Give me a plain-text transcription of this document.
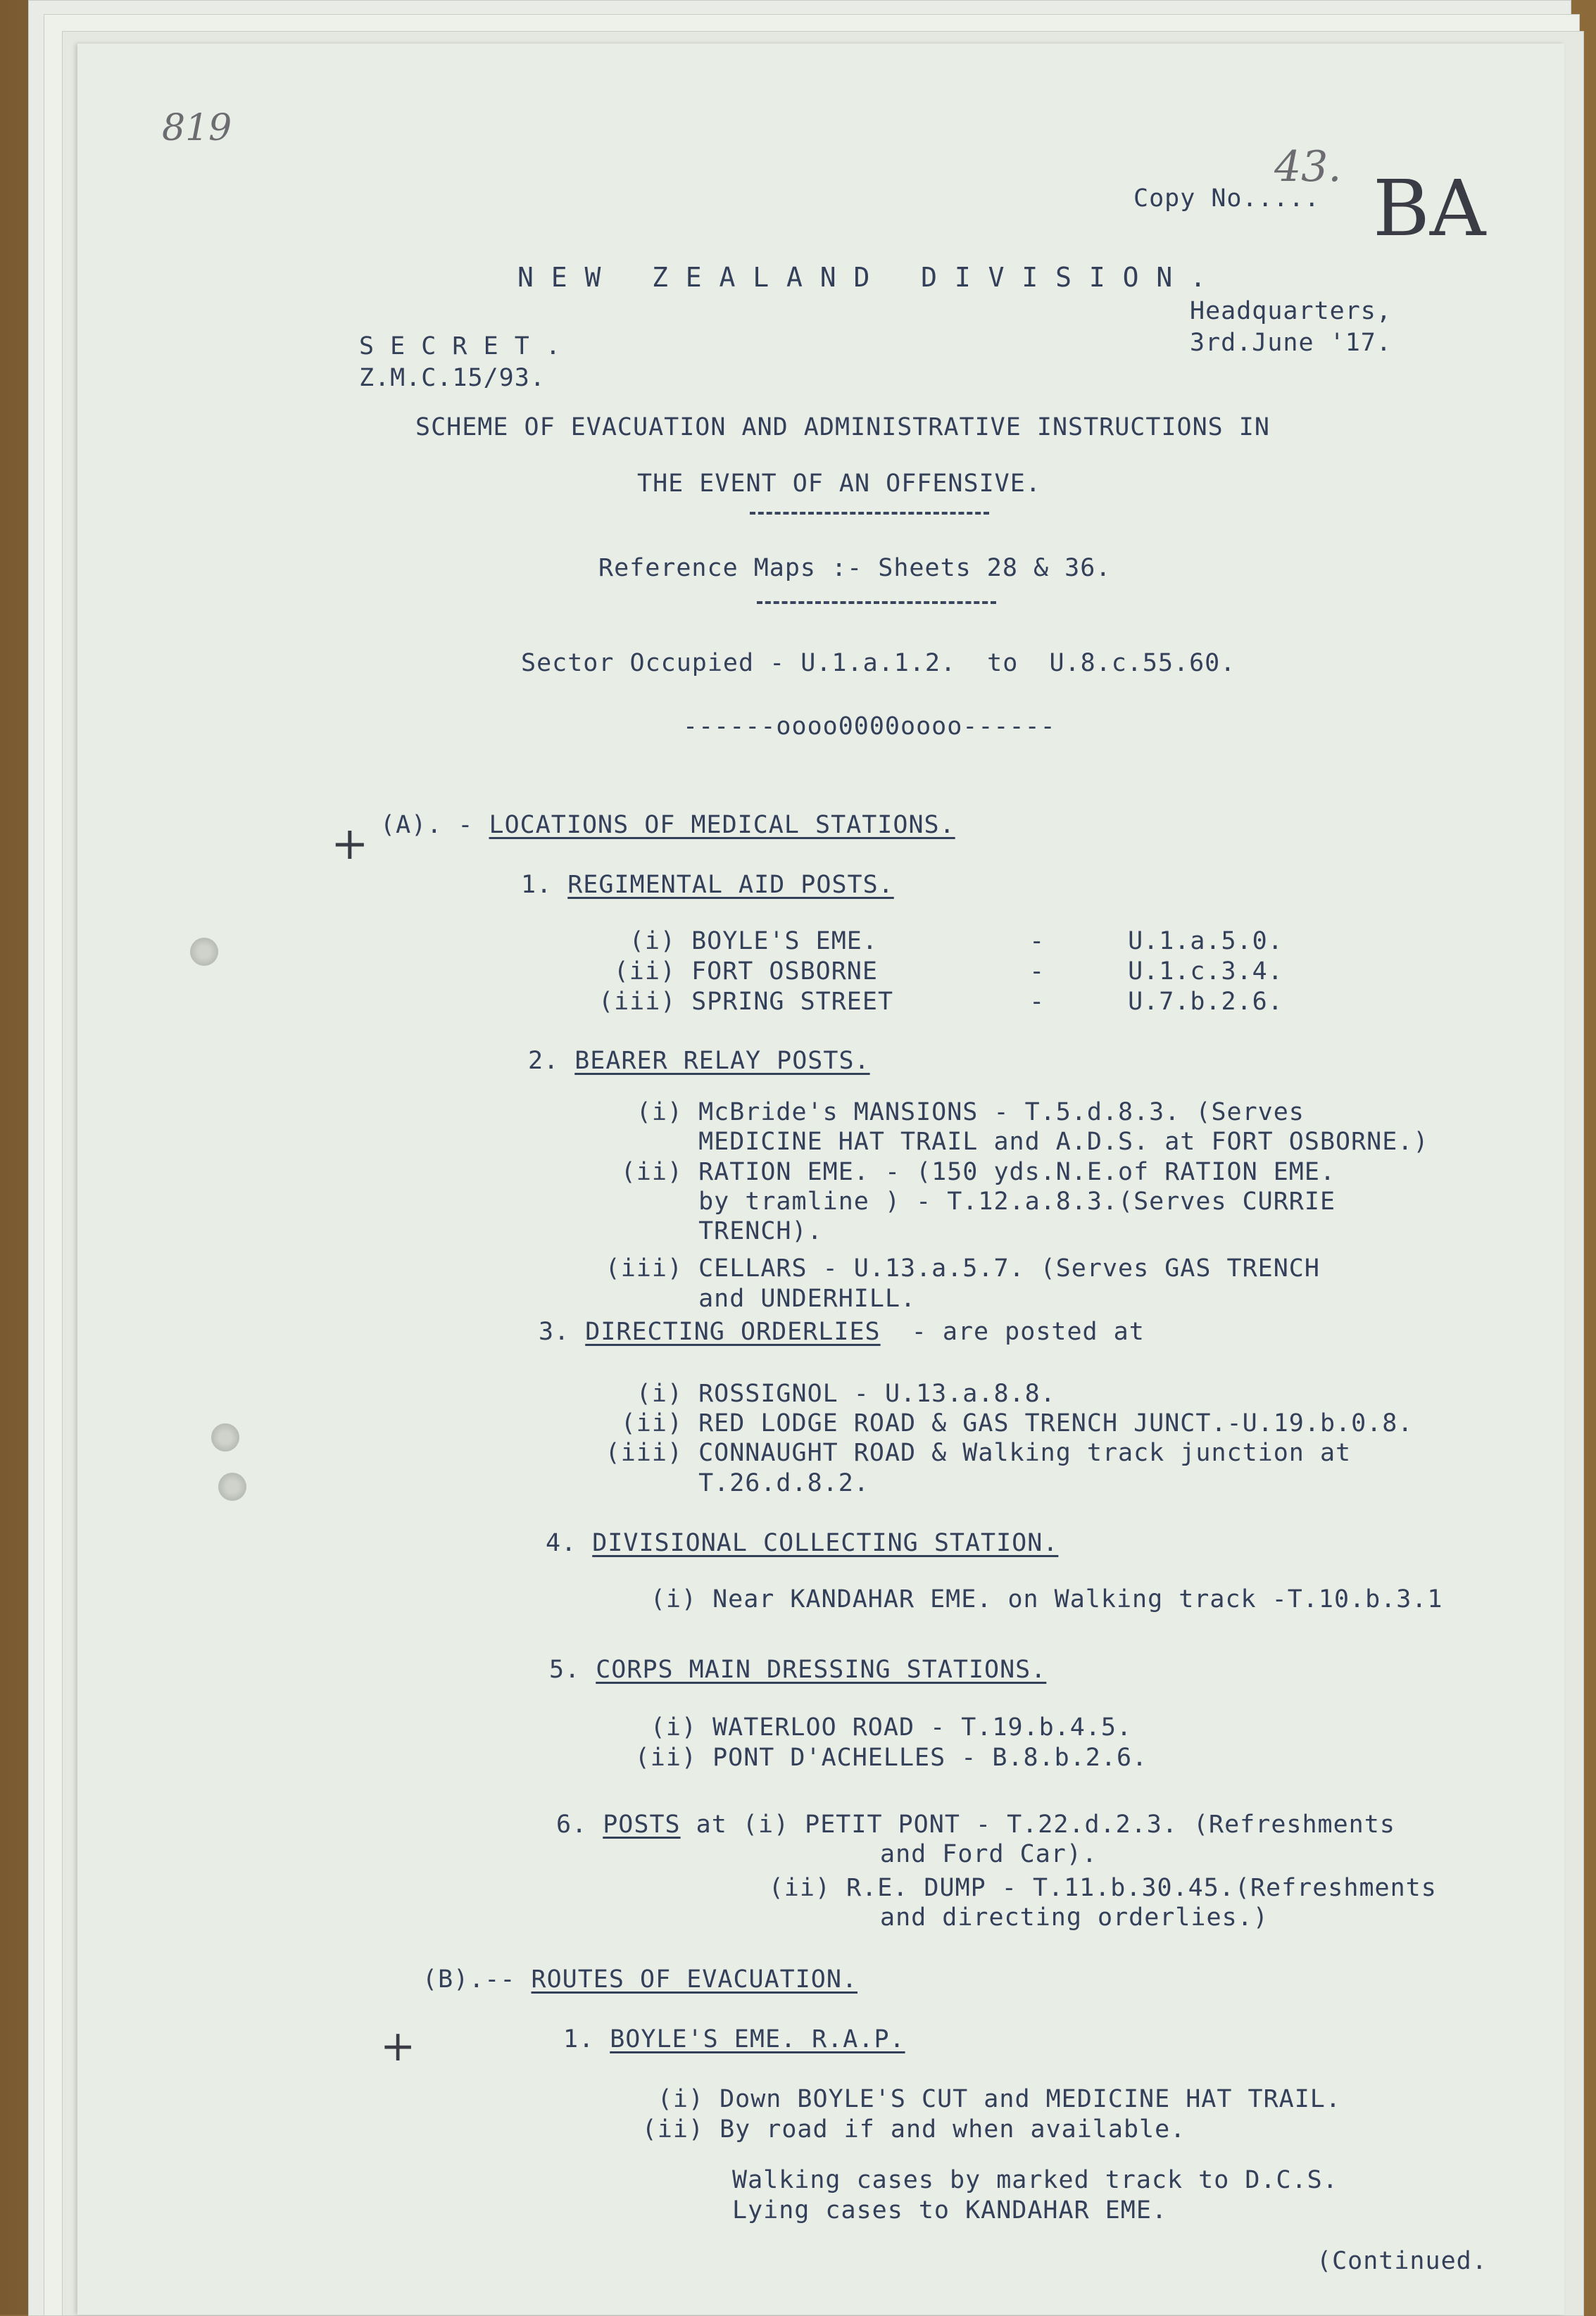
819
Copy No.....
43. BA
N E W   Z E A L A N D   D I V I S I O N .
S E C R E T .
Z.M.C.15/93.
Headquarters,
3rd.June '17.
SCHEME OF EVACUATION AND ADMINISTRATIVE INSTRUCTIONS IN
THE EVENT OF AN OFFENSIVE.
Reference Maps :- Sheets 28 & 36.
Sector Occupied - U.1.a.1.2.  to  U.8.c.55.60.
------oooo0000oooo------
+ (A). - LOCATIONS OF MEDICAL STATIONS.
1. REGIMENTAL AID POSTS.
(i) BOYLE'S EME.	-	U.1.a.5.0.
(ii) FORT OSBORNE	-	U.1.c.3.4.
(iii) SPRING STREET	-	U.7.b.2.6.
2. BEARER RELAY POSTS.
(i) McBride's MANSIONS - T.5.d.8.3. (Serves
MEDICINE HAT TRAIL and A.D.S. at FORT OSBORNE.)
(ii) RATION EME. - (150 yds.N.E.of RATION EME.
by tramline ) - T.12.a.8.3.(Serves CURRIE
TRENCH).
(iii) CELLARS - U.13.a.5.7. (Serves GAS TRENCH
and UNDERHILL.
3. DIRECTING ORDERLIES  - are posted at
(i) ROSSIGNOL - U.13.a.8.8.
(ii) RED LODGE ROAD & GAS TRENCH JUNCT.-U.19.b.0.8.
(iii) CONNAUGHT ROAD & Walking track junction at
T.26.d.8.2.
4. DIVISIONAL COLLECTING STATION.
(i) Near KANDAHAR EME. on Walking track -T.10.b.3.1
5. CORPS MAIN DRESSING STATIONS.
(i) WATERLOO ROAD - T.19.b.4.5.
(ii) PONT D'ACHELLES - B.8.b.2.6.
6. POSTS at (i) PETIT PONT - T.22.d.2.3. (Refreshments
and Ford Car).
(ii) R.E. DUMP - T.11.b.30.45.(Refreshments
and directing orderlies.)
(B).-- ROUTES OF EVACUATION.
+	1. BOYLE'S EME. R.A.P.
(i) Down BOYLE'S CUT and MEDICINE HAT TRAIL.
(ii) By road if and when available.
Walking cases by marked track to D.C.S.
Lying cases to KANDAHAR EME.
(Continued.
